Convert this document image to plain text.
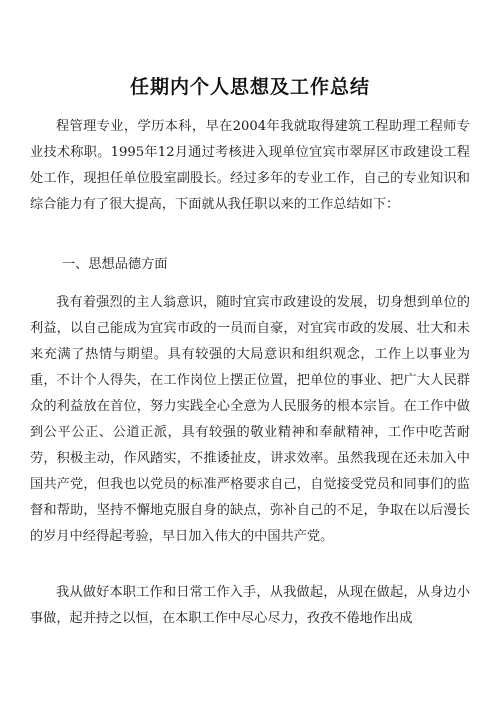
任期内个人思想及工作总结
程管理专业，学历本科，早在2004年我就取得建筑工程助理工程师专业技术称职。1995年12月通过考核进入现单位宜宾市翠屏区市政建设工程处工作，现担任单位股室副股长。经过多年的专业工作，自己的专业知识和综合能力有了很大提高，下面就从我任职以来的工作总结如下：
一、思想品德方面
我有着强烈的主人翁意识，随时宜宾市政建设的发展，切身想到单位的利益，以自己能成为宜宾市政的一员而自豪，对宜宾市政的发展、壮大和未来充满了热情与期望。具有较强的大局意识和组织观念，工作上以事业为重，不计个人得失，在工作岗位上摆正位置，把单位的事业、把广大人民群众的利益放在首位，努力实践全心全意为人民服务的根本宗旨。在工作中做到公平公正、公道正派，具有较强的敬业精神和奉献精神，工作中吃苦耐劳，积极主动，作风踏实，不推诿扯皮，讲求效率。虽然我现在还未加入中国共产党，但我也以党员的标准严格要求自己，自觉接受党员和同事们的监督和帮助，坚持不懈地克服自身的缺点，弥补自己的不足，争取在以后漫长的岁月中经得起考验，早日加入伟大的中国共产党。
我从做好本职工作和日常工作入手，从我做起，从现在做起，从身边小事做，起并持之以恒，在本职工作中尽心尽力，孜孜不倦地作出成
